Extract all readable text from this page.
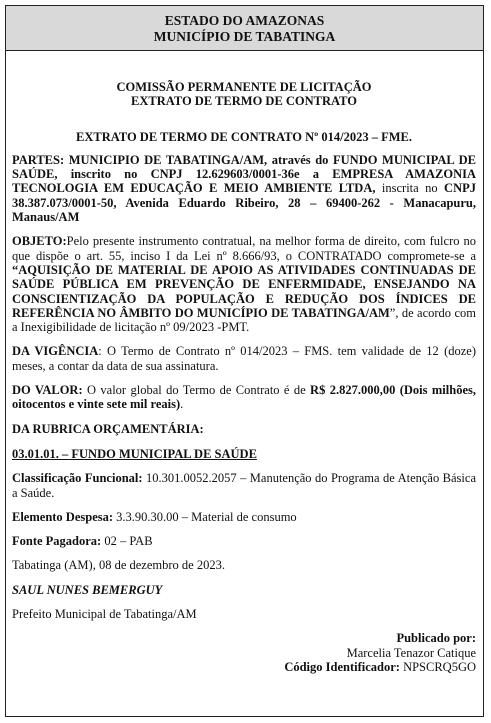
ESTADO DO AMAZONAS
MUNICÍPIO DE TABATINGA
COMISSÃO PERMANENTE DE LICITAÇÃO
EXTRATO DE TERMO DE CONTRATO
EXTRATO DE TERMO DE CONTRATO Nº 014/2023 – FME.

PARTES: MUNICIPIO DE TABATINGA/AM, através do FUNDO MUNICIPAL DE SAÚDE, inscrito no CNPJ 12.629603/0001-36e a EMPRESA AMAZONIA TECNOLOGIA EM EDUCAÇÃO E MEIO AMBIENTE LTDA, inscrita no CNPJ 38.387.073/0001-50, Avenida Eduardo Ribeiro, 28 – 69400-262 - Manacapuru, Manaus/AM

OBJETO:Pelo presente instrumento contratual, na melhor forma de direito, com fulcro no que dispõe o art. 55, inciso I da Lei nº 8.666/93, o CONTRATADO compromete-se a “AQUISIÇÃO DE MATERIAL DE APOIO AS ATIVIDADES CONTINUADAS DE SAÚDE PÚBLICA EM PREVENÇÃO DE ENFERMIDADE, ENSEJANDO NA CONSCIENTIZAÇÃO DA POPULAÇÃO E REDUÇÃO DOS ÍNDICES DE REFERÊNCIA NO ÂMBITO DO MUNICÍPIO DE TABATINGA/AM”, de acordo com a Inexigibilidade de licitação nº 09/2023 -PMT.

DA VIGÊNCIA: O Termo de Contrato nº 014/2023 – FMS. tem validade de 12 (doze) meses, a contar da data de sua assinatura.

DO VALOR: O valor global do Termo de Contrato é de R$ 2.827.000,00 (Dois milhões, oitocentos e vinte sete mil reais).

DA RUBRICA ORÇAMENTÁRIA:

03.01.01. – FUNDO MUNICIPAL DE SAÚDE

Classificação Funcional: 10.301.0052.2057 – Manutenção do Programa de Atenção Básica a Saúde.

Elemento Despesa: 3.3.90.30.00 – Material de consumo

Fonte Pagadora: 02 – PAB

Tabatinga (AM), 08 de dezembro de 2023.

SAUL NUNES BEMERGUY

Prefeito Municipal de Tabatinga/AM

Publicado por:
Marcelia Tenazor Catique
Código Identificador: NPSCRQ5GO
